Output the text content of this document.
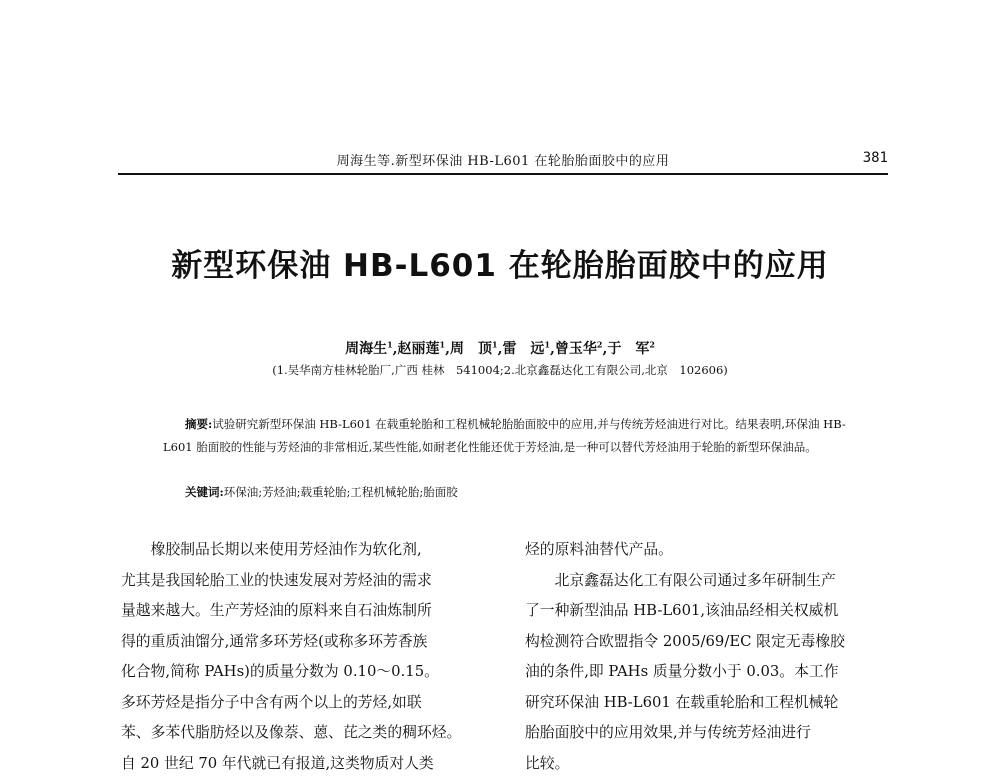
周海生等.新型环保油 HB-L601 在轮胎胎面胶中的应用	381
新型环保油 HB-L601 在轮胎胎面胶中的应用
周海生$^1$,赵丽莲$^1$,周　顶$^1$,雷　远$^1$,曾玉华$^2$,于　军$^2$
(1.吴华南方桂林轮胎厂,广西 桂林　541004;2.北京鑫磊达化工有限公司,北京　102606)
摘要:试验研究新型环保油 HB-L601 在载重轮胎和工程机械轮胎胎面胶中的应用,并与传统芳烃油进行对比。结果表明,环保油 HB-L601 胎面胶的性能与芳烃油的非常相近,某些性能,如耐老化性能还优于芳烃油,是一种可以替代芳烃油用于轮胎的新型环保油品。
关键词:环保油;芳烃油;载重轮胎;工程机械轮胎;胎面胶

橡胶制品长期以来使用芳烃油作为软化剂,

尤其是我国轮胎工业的快速发展对芳烃油的需求

量越来越大。生产芳烃油的原料来自石油炼制所

得的重质油馏分,通常多环芳烃(或称多环芳香族

化合物,简称 PAHs)的质量分数为 0.10～0.15。

多环芳烃是指分子中含有两个以上的芳烃,如联

苯、多苯代脂肪烃以及像萘、蒽、芘之类的稠环烃。

自 20 世纪 70 年代就已有报道,这类物质对人类

烃的原料油替代产品。

北京鑫磊达化工有限公司通过多年研制生产

了一种新型油品 HB-L601,该油品经相关权威机

构检测符合欧盟指令 2005/69/EC 限定无毒橡胶

油的条件,即 PAHs 质量分数小于 0.03。本工作

研究环保油 HB-L601 在载重轮胎和工程机械轮

胎胎面胶中的应用效果,并与传统芳烃油进行

比较。
